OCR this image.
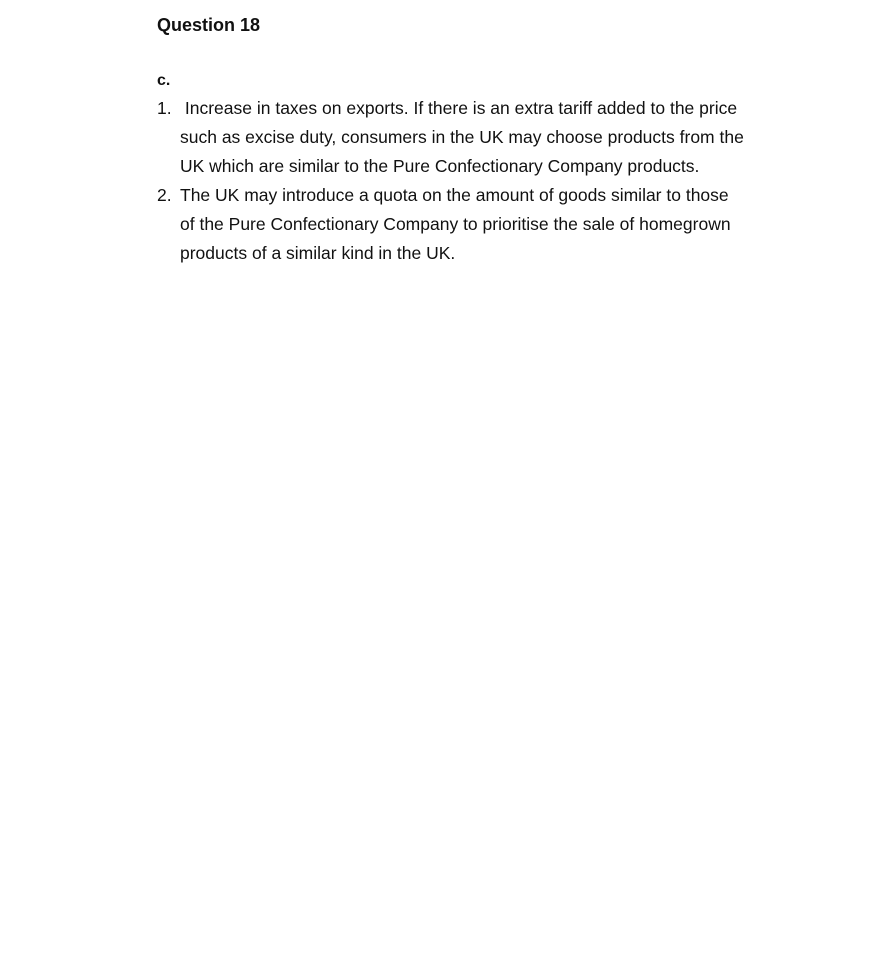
Question 18
c.
1. Increase in taxes on exports. If there is an extra tariff added to the price such as excise duty, consumers in the UK may choose products from the UK which are similar to the Pure Confectionary Company products.
2. The UK may introduce a quota on the amount of goods similar to those of the Pure Confectionary Company to prioritise the sale of homegrown products of a similar kind in the UK.
